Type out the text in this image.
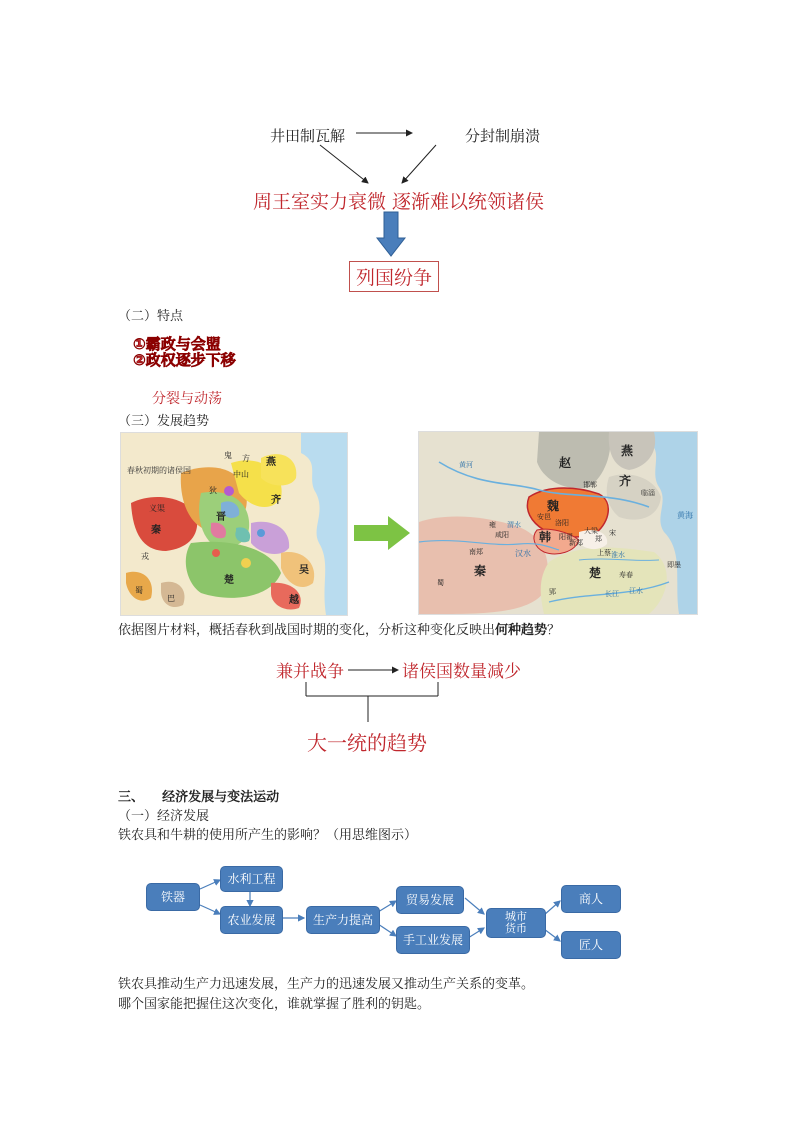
井田制瓦解	分封制崩溃
周王室实力衰微 逐渐难以统领诸侯
列国纷争
（二）特点
①霸政与会盟
②政权逐步下移
分裂与动荡
（三）发展趋势
春秋初期的诸侯国
鬼 方 燕
中山
狄
齐
晋
秦
楚
吴
越
蜀
巴
戎
义渠
赵
燕
齐
魏
韩
秦	楚
黄河
渭水
汉水	淮水
长江 江水
黄海
邯郸
临淄
安邑
洛阳
大梁
阳翟
新郑
咸阳
南郑
雍
寿春
上蔡
郢
蜀
郑
宋
即墨
依据图片材料，概括春秋到战国时期的变化，分析这种变化反映出何种趋势？
兼并战争	诸侯国数量减少
大一统的趋势
三、    经济发展与变法运动
（一）经济发展
铁农具和牛耕的使用所产生的影响？（用思维图示）
铁器
水利工程
农业发展	生产力提高
贸易发展
手工业发展
城市
货币
商人
匠人
铁农具推动生产力迅速发展，生产力的迅速发展又推动生产关系的变革。
哪个国家能把握住这次变化，谁就掌握了胜利的钥匙。
